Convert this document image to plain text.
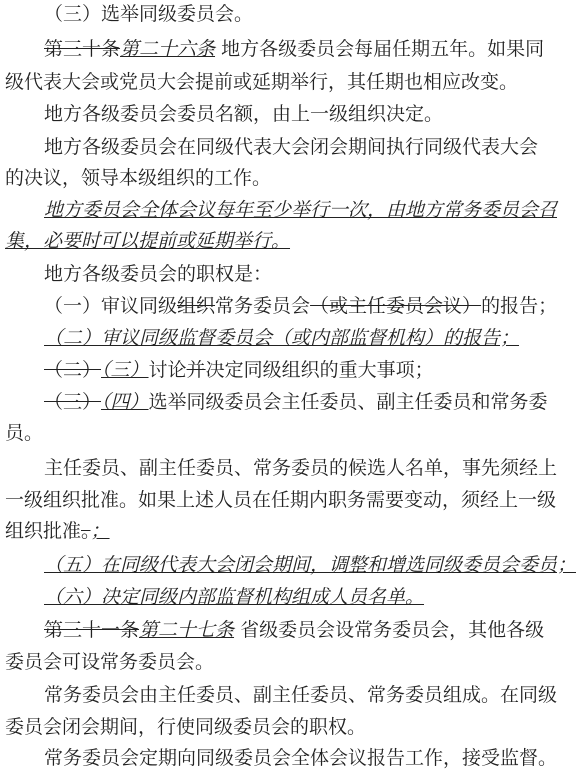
（三）选举同级委员会。
第三十条第二十六条 地方各级委员会每届任期五年。如果同
级代表大会或党员大会提前或延期举行，其任期也相应改变。
地方各级委员会委员名额，由上一级组织决定。
地方各级委员会在同级代表大会闭会期间执行同级代表大会
的决议，领导本级组织的工作。
地方委员会全体会议每年至少举行一次，由地方常务委员会召
集，必要时可以提前或延期举行。
地方各级委员会的职权是：
（一）审议同级组织常务委员会（或主任委员会议）的报告；
（二）审议同级监督委员会（或内部监督机构）的报告；
（二）（三）讨论并决定同级组织的重大事项；
（三）（四）选举同级委员会主任委员、副主任委员和常务委
员。
主任委员、副主任委员、常务委员的候选人名单，事先须经上
一级组织批准。如果上述人员在任期内职务需要变动，须经上一级
组织批准。；
（五）在同级代表大会闭会期间，调整和增选同级委员会委员；
（六）决定同级内部监督机构组成人员名单。
第三十一条第二十七条 省级委员会设常务委员会，其他各级
委员会可设常务委员会。
常务委员会由主任委员、副主任委员、常务委员组成。在同级
委员会闭会期间，行使同级委员会的职权。
常务委员会定期向同级委员会全体会议报告工作，接受监督。
